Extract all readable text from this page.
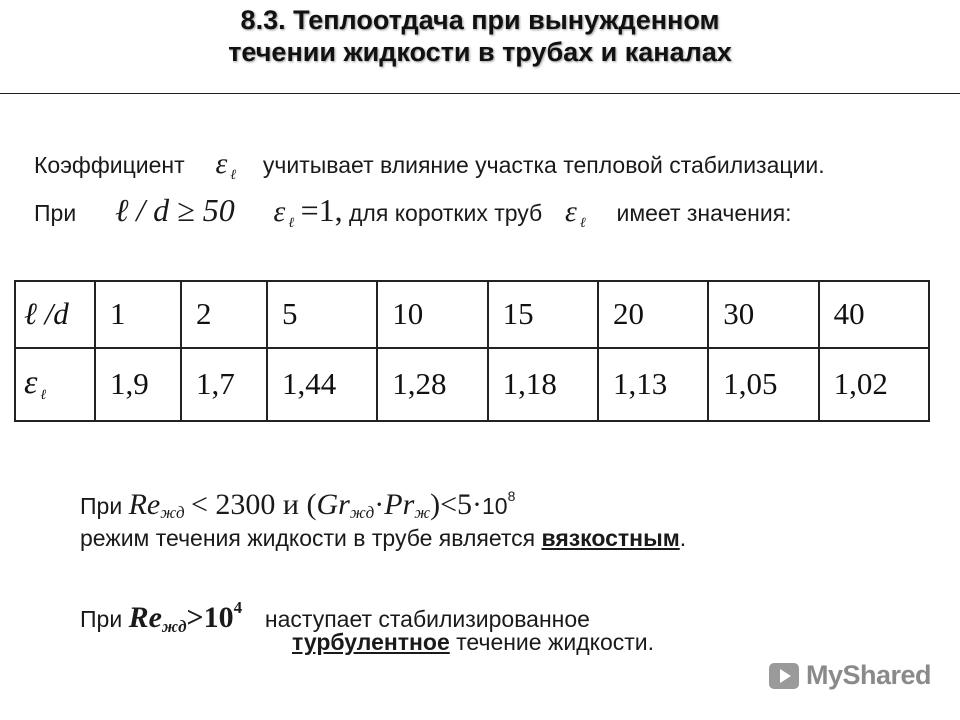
8.3. Теплоотдача при вынужденном
течении жидкости в трубах и каналах
Коэффициент ε $_\ell$ учитывает влияние участка тепловой стабилизации.
При ℓ / d ≥ 50 ε $_\ell$ =1, для коротких труб ε $_\ell$ имеет значения:
ℓ /d	1	2	5	10	15	20	30	40
ε ℓ	1,9	1,7	1,44	1,28	1,18	1,13	1,05	1,02
При Reжд < 2300 и $(Grжд\cdot Prж)<5\cdot 10^8$
режим течения жидкости в трубе является вязкостным.
При $Re_{жд}>10^4$ наступает стабилизированное
турбулентное течение жидкости.
MyShared
